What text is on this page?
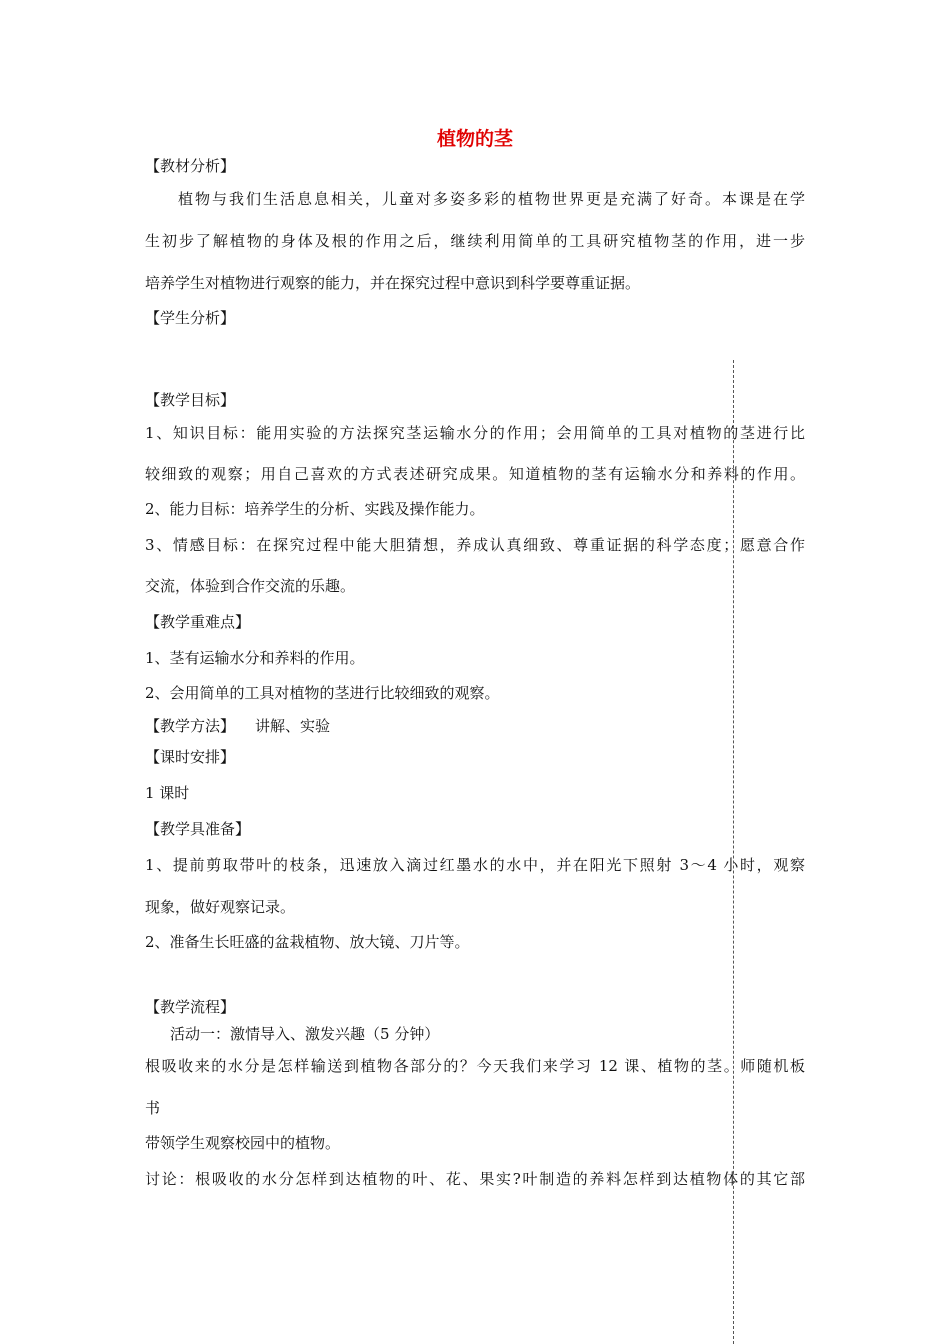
植物的茎
【教材分析】
植物与我们生活息息相关，儿童对多姿多彩的植物世界更是充满了好奇。本课是在学
生初步了解植物的身体及根的作用之后，继续利用简单的工具研究植物茎的作用，进一步
培养学生对植物进行观察的能力，并在探究过程中意识到科学要尊重证据。
【学生分析】
【教学目标】
1、知识目标：能用实验的方法探究茎运输水分的作用；会用简单的工具对植物的茎进行比
较细致的观察；用自己喜欢的方式表述研究成果。知道植物的茎有运输水分和养料的作用。
2、能力目标：培养学生的分析、实践及操作能力。
3、情感目标：在探究过程中能大胆猜想，养成认真细致、尊重证据的科学态度；愿意合作
交流，体验到合作交流的乐趣。
【教学重难点】
1、茎有运输水分和养料的作用。
2、会用简单的工具对植物的茎进行比较细致的观察。
【教学方法】 讲解、实验
【课时安排】
1 课时
【教学具准备】
1、提前剪取带叶的枝条，迅速放入滴过红墨水的水中，并在阳光下照射 3～4 小时，观察
现象，做好观察记录。
2、准备生长旺盛的盆栽植物、放大镜、刀片等。
【教学流程】
活动一：激情导入、激发兴趣（5 分钟）
根吸收来的水分是怎样输送到植物各部分的？今天我们来学习 12 课、植物的茎。师随机板
书
带领学生观察校园中的植物。
讨论：根吸收的水分怎样到达植物的叶、花、果实?叶制造的养料怎样到达植物体的其它部
